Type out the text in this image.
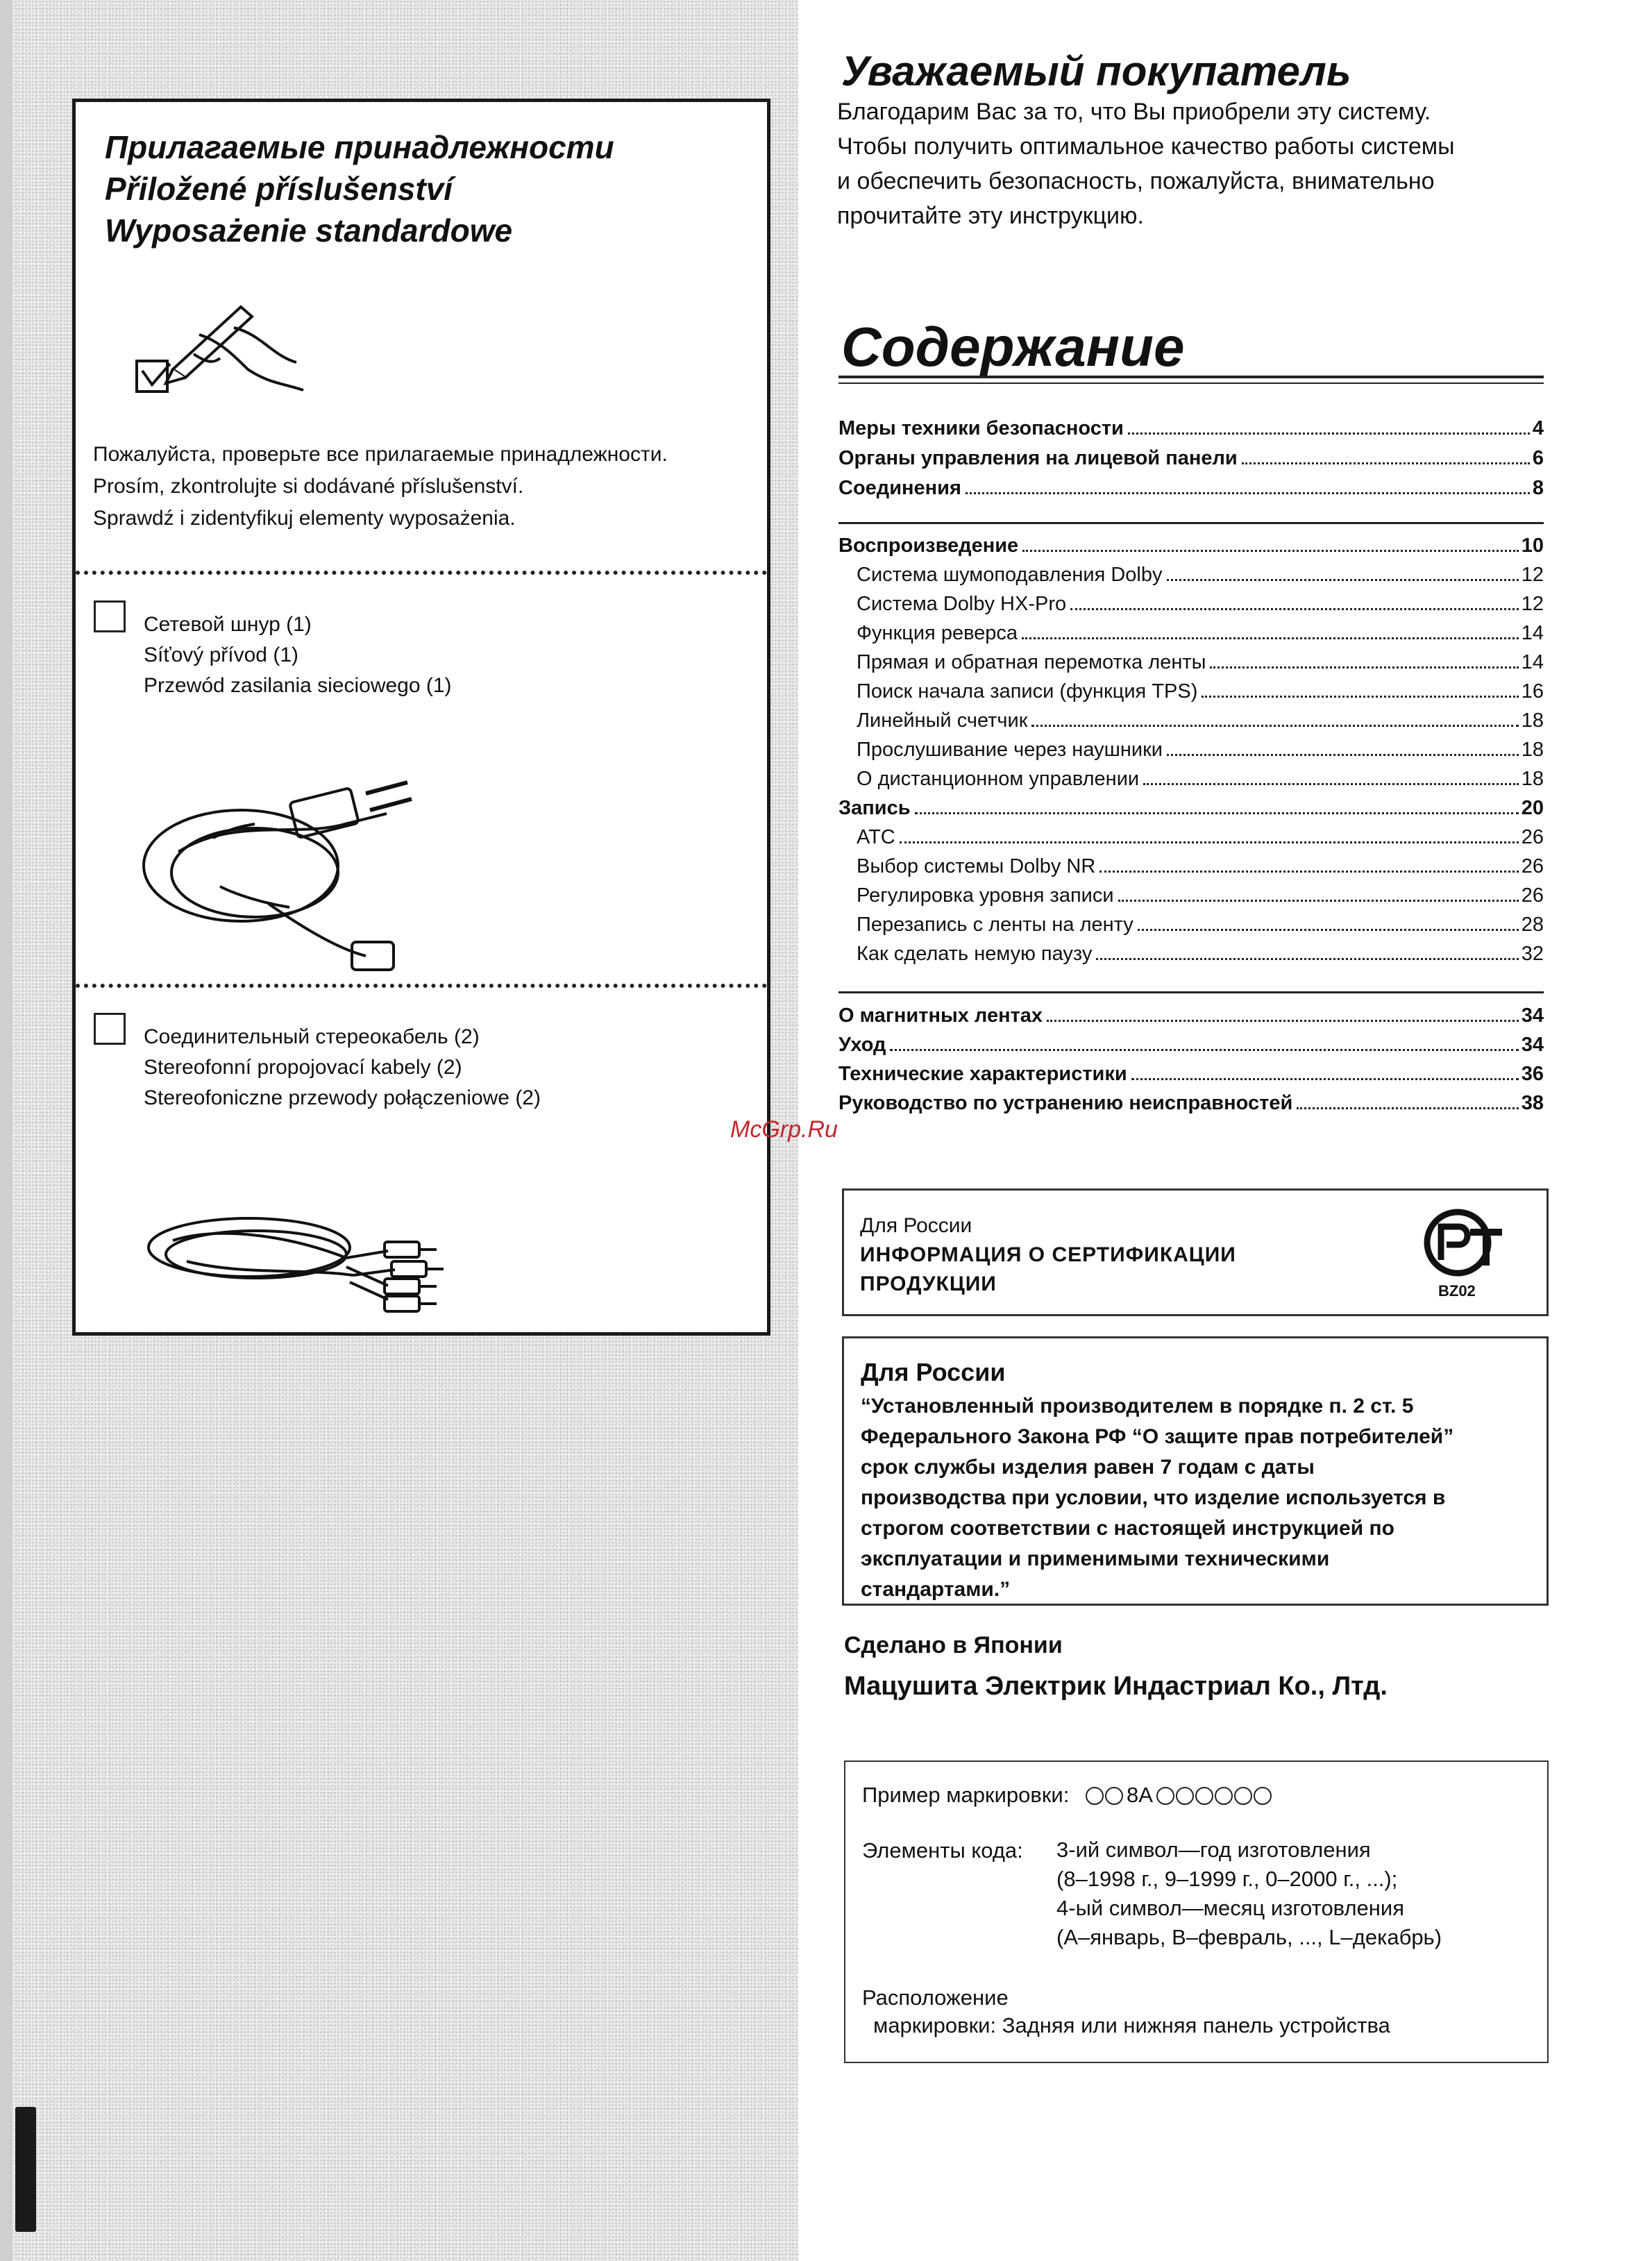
Прилагаемые принадлежности
Přiložené příslušenství
Wyposażenie standardowe
Пожалуйста, проверьте все прилагаемые принадлежности.
Prosím, zkontrolujte si dodávané příslušenství.
Sprawdź i zidentyfikuj elementy wyposażenia.
Сетевой шнур (1)
Síťový přívod (1)
Przewód zasilania sieciowego (1)
Соединительный стереокабель (2)
Stereofonní propojovací kabely (2)
Stereofoniczne przewody połączeniowe (2)
Уважаемый покупатель
Благодарим Вас за то, что Вы приобрели эту систему.
Чтобы получить оптимальное качество работы системы
и обеспечить безопасность, пожалуйста, внимательно
прочитайте эту инструкцию.
Содержание
Меры техники безопасности	4
Органы управления на лицевой панели	6
Соединения	8
Воспроизведение	10
Система шумоподавления Dolby	12
Система Dolby HX-Pro	12
Функция реверса	14
Прямая и обратная перемотка ленты	14
Поиск начала записи (функция TPS)	16
Линейный счетчик	18
Прослушивание через наушники	18
О дистанционном управлении	18
Запись	20
АТС	26
Выбор системы Dolby NR	26
Регулировка уровня записи	26
Перезапись с ленты на ленту	28
Как сделать немую паузу	32
О магнитных лентах	34
Уход	34
Технические характеристики	36
Руководство по устранению неисправностей	38
McGrp.Ru
Для России
ИНФОРМАЦИЯ О СЕРТИФИКАЦИИ
ПРОДУКЦИИ	BZ02
Для России
“Установленный производителем в порядке п. 2 ст. 5
Федерального Закона РФ “О защите прав потребителей”
срок службы изделия равен 7 годам с даты
производства при условии, что изделие используется в
строгом соответствии с настоящей инструкцией по
эксплуатации и применимыми техническими
стандартами.”
Сделано в Японии
Мацушита Электрик Индастриал Ко., Лтд.
Пример маркировки:	8A
Элементы кода: 3-ий символ—год изготовления
(8–1998 г., 9–1999 г., 0–2000 г., ...);
4-ый символ—месяц изготовления
(А–январь, В–февраль, ..., L–декабрь)
Расположение
маркировки: Задняя или нижняя панель устройства
